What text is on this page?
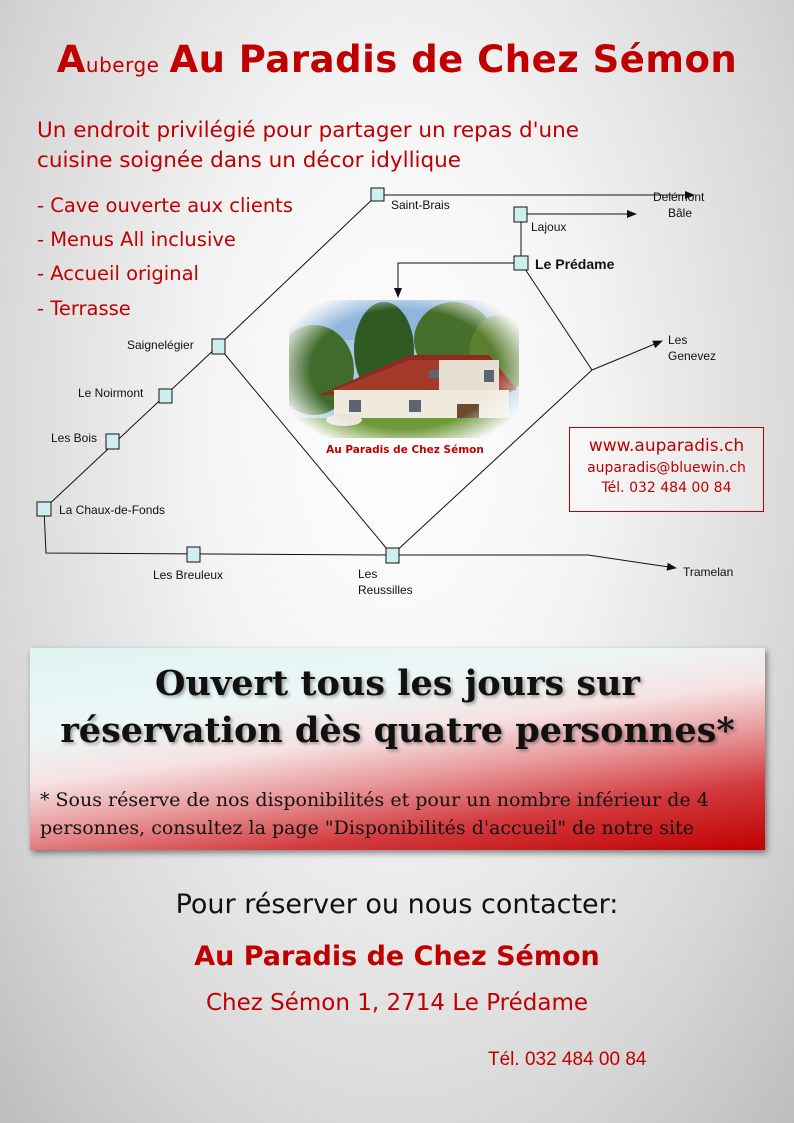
Auberge Au Paradis de Chez Sémon
Un endroit privilégié pour partager un repas d'une
cuisine soignée dans un décor idyllique
- Cave ouverte aux clients
- Menus All inclusive
- Accueil original
- Terrasse
Saint-Brais
Delémont
Bâle
Lajoux
Le Prédame
Saignelégier	Les
Genevez
Le Noirmont
Les Bois
La Chaux-de-Fonds
Les Breuleux	Les
Reussilles
Tramelan
Au Paradis de Chez Sémon	www.auparadis.ch
auparadis@bluewin.ch
Tél. 032 484 00 84
Ouvert tous les jours sur
réservation dès quatre personnes*
* Sous réserve de nos disponibilités et pour un nombre inférieur de 4
personnes, consultez la page "Disponibilités d'accueil" de notre site
Pour réserver ou nous contacter:
Au Paradis de Chez Sémon
Chez Sémon 1, 2714 Le Prédame
Tél. 032 484 00 84
